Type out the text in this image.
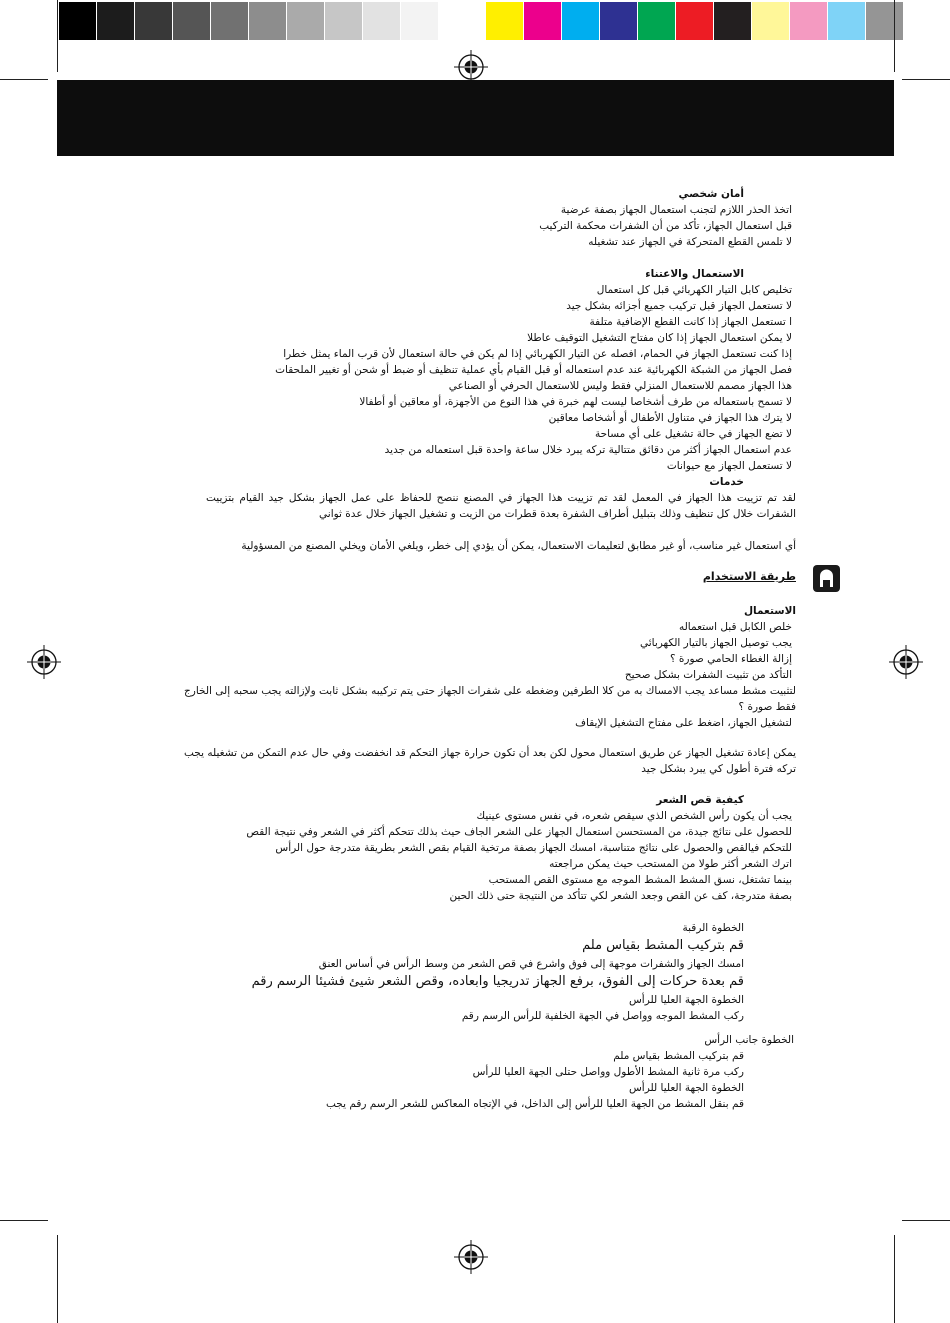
أمان شخصي
اتخذ الحذر اللازم لتجنب استعمال الجهاز بصفة عرضية
قبل استعمال الجهاز، تأكد من أن الشفرات محكمة التركيب
لا تلمس القطع المتحركة في الجهاز عند تشغيله
الاستعمال والاعتناء
تخليص كابل التيار الكهربائي قبل كل استعمال
لا تستعمل الجهاز قبل تركيب جميع أجزائه بشكل جيد
ا تستعمل الجهاز إذا كانت القطع الإضافية متلفة
لا يمكن استعمال الجهاز إذا كان مفتاح التشغيل التوقيف عاطلا
إذا كنت تستعمل الجهاز في الحمام، افصله عن التيار الكهربائي إذا لم يكن في حالة استعمال لأن قرب الماء يمثل خطرا
فصل الجهاز من الشبكة الكهربائية عند عدم استعماله أو قبل القيام بأي عملية تنظيف أو ضبط أو شحن أو تغيير الملحقات
هذا الجهاز مصمم للاستعمال المنزلي فقط وليس للاستعمال الحرفي أو الصناعي
لا تسمح باستعماله من طرف أشخاصا ليست لهم خبرة في هذا النوع من الأجهزة، أو معاقين أو أطفالا
لا يترك هذا الجهاز في متناول الأطفال أو أشخاصا معاقين
لا تضع الجهاز في حالة تشغيل على أي مساحة
عدم استعمال الجهاز أكثر من دقائق متتالية تركه يبرد خلال ساعة واحدة قبل استعماله من جديد
لا تستعمل الجهاز مع حيوانات
خدمات
لقد تم تزييت هذا الجهاز في المعمل لقد تم تزييت هذا الجهاز في المصنع ننصح للحفاظ على عمل الجهاز بشكل جيد القيام بتزييت الشفرات خلال كل تنظيف وذلك بتبليل أطراف الشفرة بعدة قطرات من الزيت و تشغيل الجهاز خلال عدة ثواني
أي استعمال غير مناسب، أو غير مطابق لتعليمات الاستعمال، يمكن أن يؤدي إلى خطر، ويلغي الأمان ويخلي المصنع من المسؤولية
طريقة الاستخدام
الاستعمال
خلص الكابل قبل استعماله
يجب توصيل الجهاز بالتيار الكهربائي
إزالة الغطاء الحامي صورة ؟
التأكد من تثبيت الشفرات بشكل صحيح
لتثبيت مشط مساعد يجب الامساك به من كلا الطرفين وضغطه على شفرات الجهاز حتى يتم تركيبه بشكل ثابت ولإزالته يجب سحبه إلى الخارج فقط صورة ؟
لتشغيل الجهاز، اضغط على مفتاح التشغيل الإيقاف
يمكن إعادة تشغيل الجهاز عن طريق استعمال محول لكن بعد أن تكون حرارة جهاز التحكم قد انخفضت وفي حال عدم التمكن من تشغيله يجب تركه فترة أطول كي يبرد بشكل جيد
كيفية قص الشعر
يجب أن يكون رأس الشخص الذي سيقص شعره، في نفس مستوى عينيك
للحصول على نتائج جيدة، من المستحسن استعمال الجهاز على الشعر الجاف حيث بذلك تتحكم أكثر في الشعر وفي نتيجة القص
للتحكم فيالقص والحصول على نتائج متناسبة، امسك الجهاز بصفة مرتخية القيام بقص الشعر بطريقة متدرجة حول الرأس
اترك الشعر أكثر طولا من المستحب حيث يمكن مراجعته
بينما تشتغل، نسق المشط المشط الموجه مع مستوى القص المستحب
بصفة متدرجة، كف عن القص وجعد الشعر لكي تتأكد من النتيجة حتى ذلك الحين
الخطوة الرقبة
قم بتركيب المشط بقياس ملم
امسك الجهاز والشفرات موجهة إلى فوق واشرع في قص الشعر من وسط الرأس في أساس العنق
قم بعدة حركات إلى الفوق، برفع الجهاز تدريجيا وابعاده، وقص الشعر شيئ فشيئا الرسم رقم
الخطوة الجهة العليا للرأس
ركب المشط الموجه وواصل في الجهة الخلفية للرأس الرسم رقم
الخطوة جانب الرأس
قم بتركيب المشط بقياس ملم
ركب مرة ثانية المشط الأطول وواصل حتلى الجهة العليا للرأس
الخطوة الجهة العليا للرأس
قم بنقل المشط من الجهة العليا للرأس إلى الداخل، في الإتجاه المعاكس للشعر الرسم رقم يجب
